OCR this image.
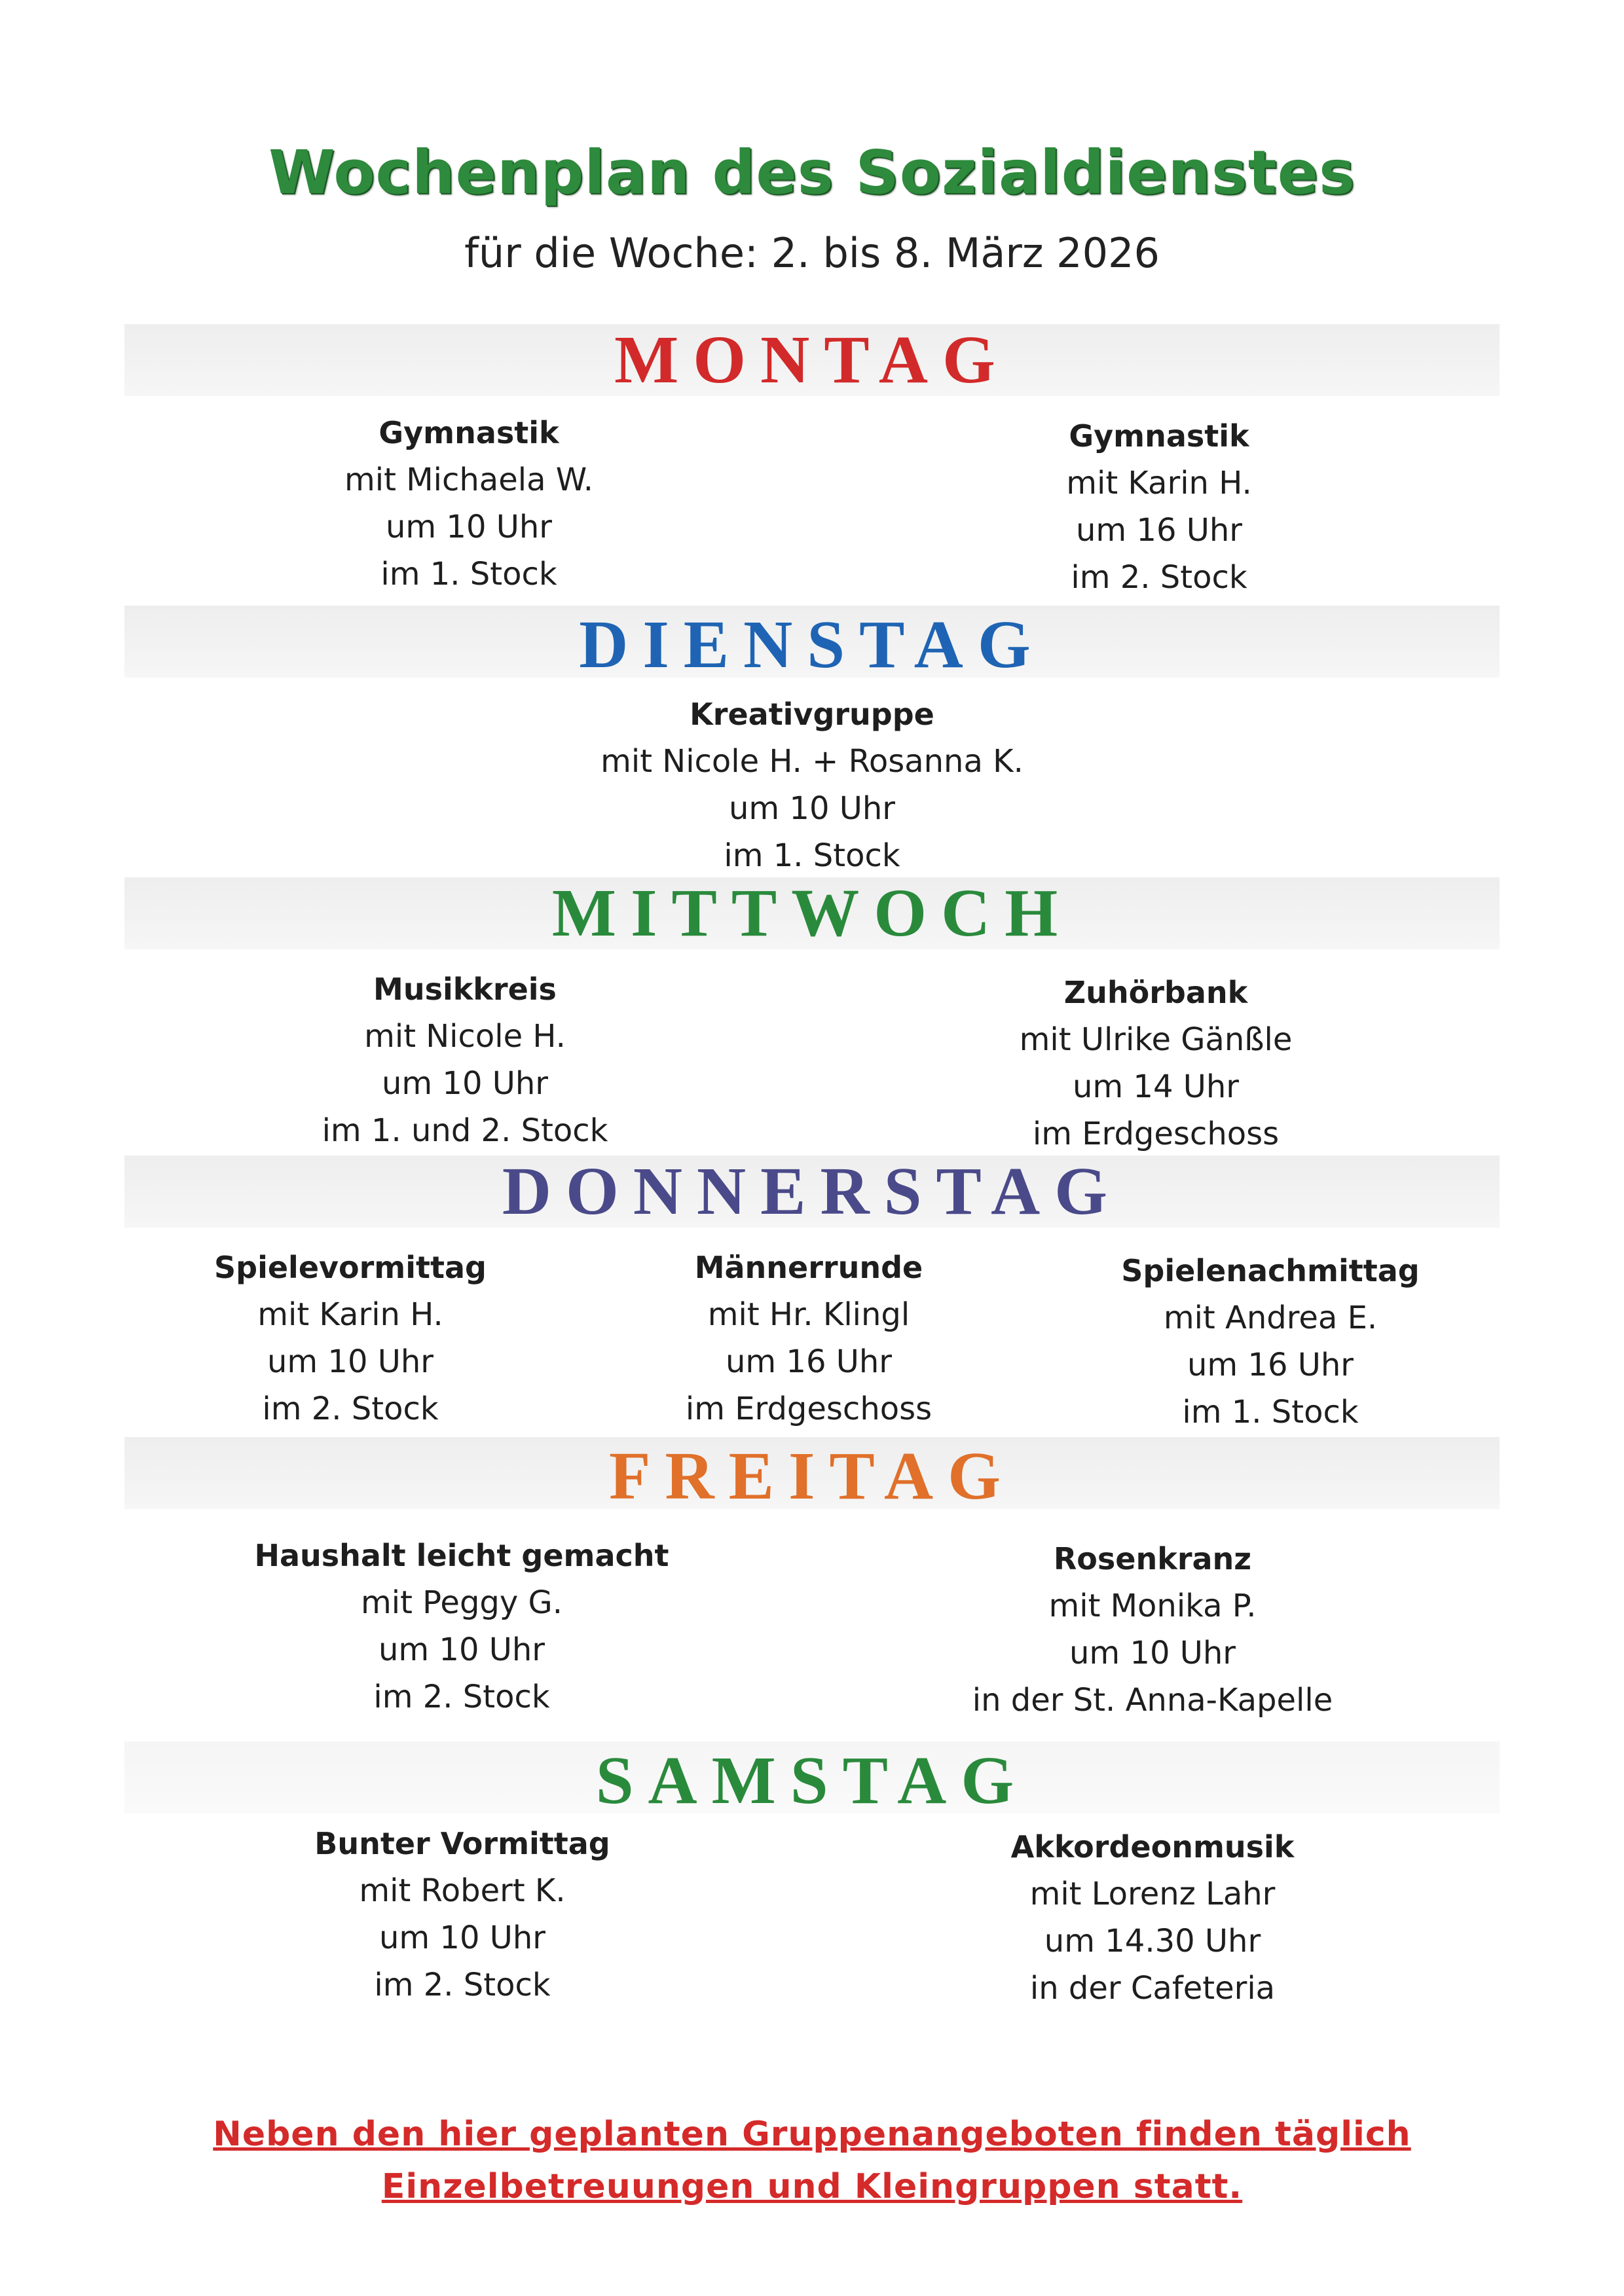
Wochenplan des Sozialdienstes
für die Woche: 2. bis 8. März 2026
MONTAG
Gymnastik
mit Michaela W.
um 10 Uhr
im 1. Stock
Gymnastik
mit Karin H.
um 16 Uhr
im 2. Stock
DIENSTAG
Kreativgruppe
mit Nicole H. + Rosanna K.
um 10 Uhr
im 1. Stock
MITTWOCH
Musikkreis
mit Nicole H.
um 10 Uhr
im 1. und 2. Stock
Zuhörbank
mit Ulrike Gänßle
um 14 Uhr
im Erdgeschoss
DONNERSTAG
Spielevormittag
mit Karin H.
um 10 Uhr
im 2. Stock
Männerrunde
mit Hr. Klingl
um 16 Uhr
im Erdgeschoss
Spielenachmittag
mit Andrea E.
um 16 Uhr
im 1. Stock
FREITAG
Haushalt leicht gemacht
mit Peggy G.
um 10 Uhr
im 2. Stock
Rosenkranz
mit Monika P.
um 10 Uhr
in der St. Anna-Kapelle
SAMSTAG
Bunter Vormittag
mit Robert K.
um 10 Uhr
im 2. Stock
Akkordeonmusik
mit Lorenz Lahr
um 14.30 Uhr
in der Cafeteria
Neben den hier geplanten Gruppenangeboten finden täglich
Einzelbetreuungen und Kleingruppen statt.
